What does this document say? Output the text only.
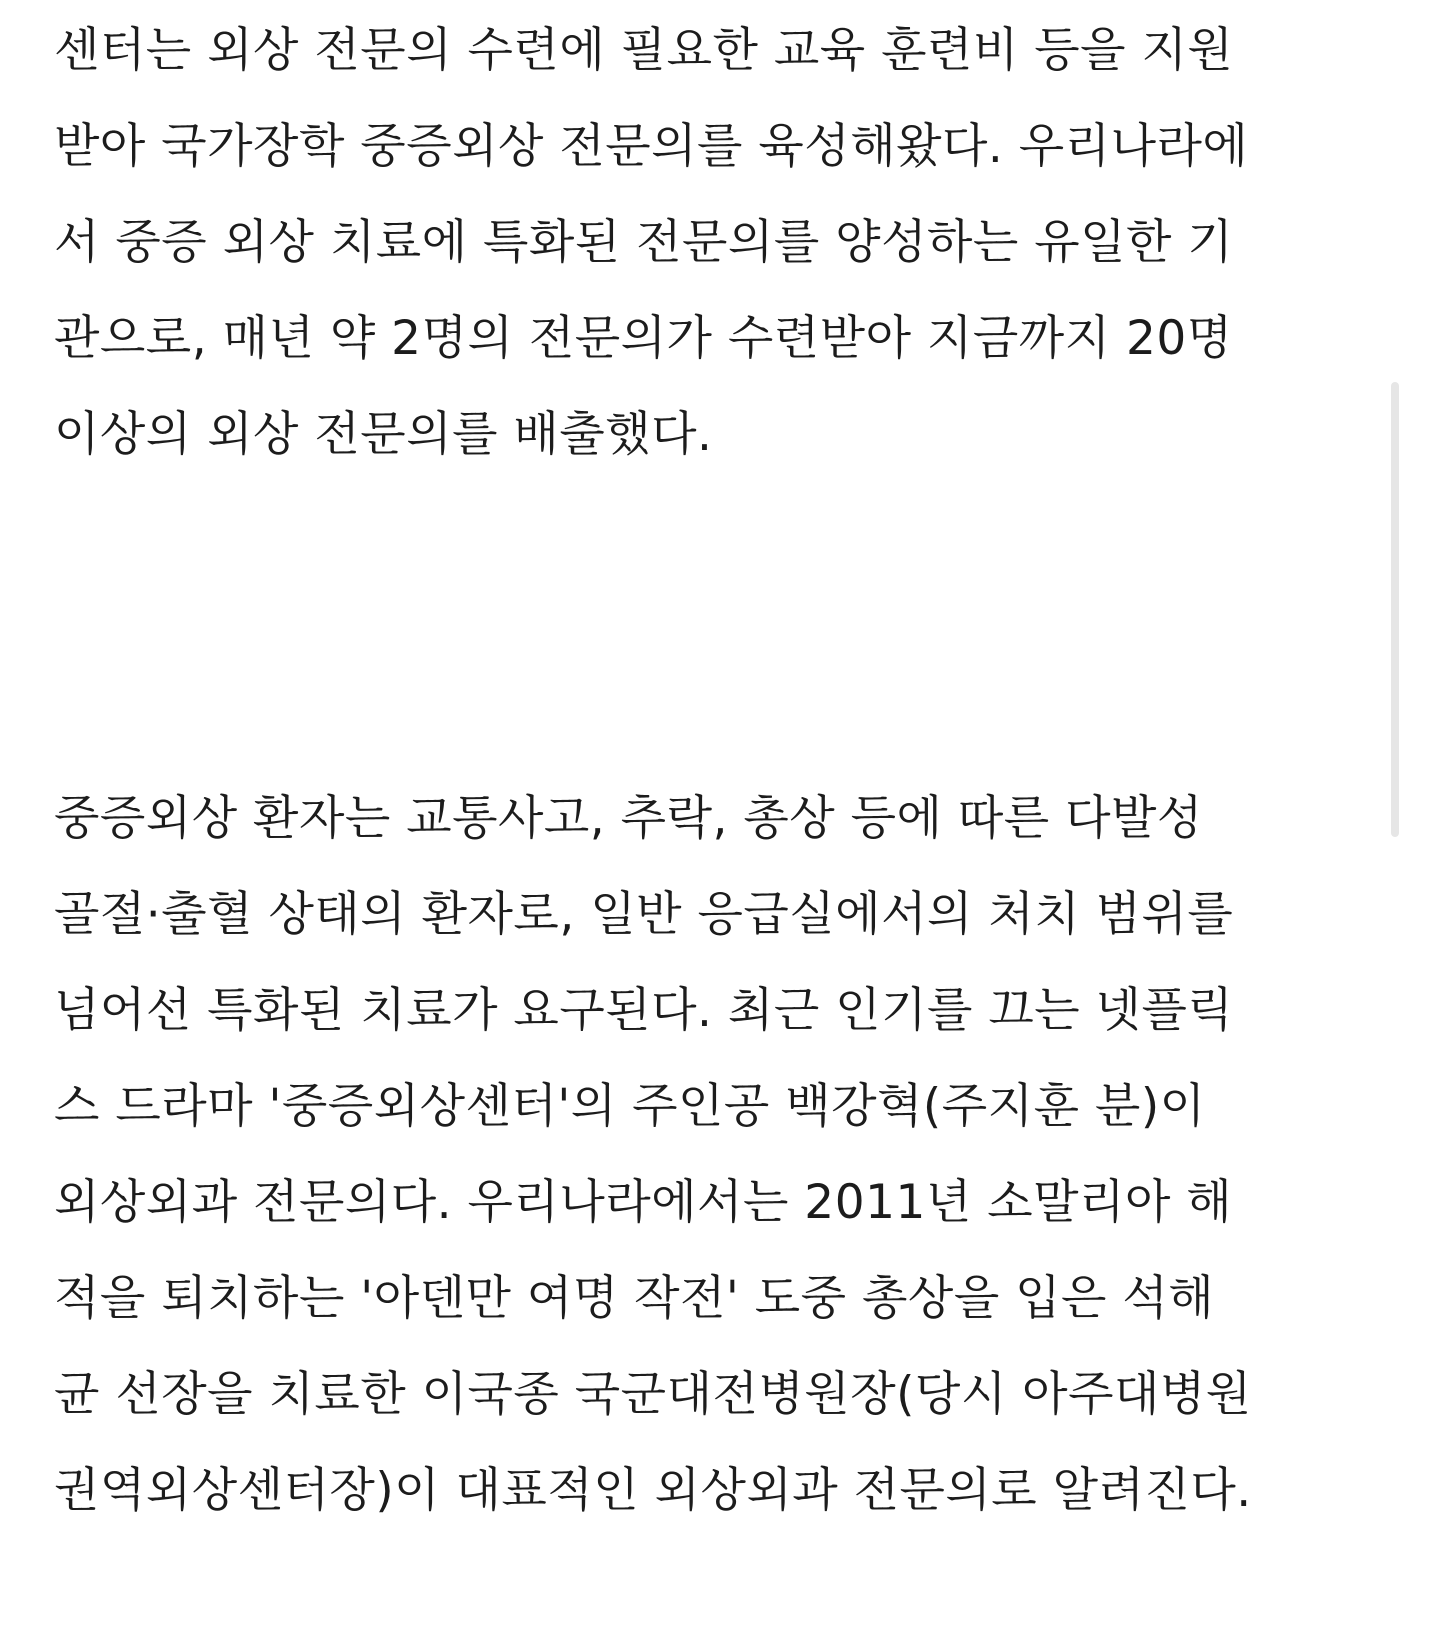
센터는 외상 전문의 수련에 필요한 교육 훈련비 등을 지원
받아 국가장학 중증외상 전문의를 육성해왔다. 우리나라에
서 중증 외상 치료에 특화된 전문의를 양성하는 유일한 기
관으로, 매년 약 2명의 전문의가 수련받아 지금까지 20명
이상의 외상 전문의를 배출했다.
중증외상 환자는 교통사고, 추락, 총상 등에 따른 다발성
골절·출혈 상태의 환자로, 일반 응급실에서의 처치 범위를
넘어선 특화된 치료가 요구된다. 최근 인기를 끄는 넷플릭
스 드라마 '중증외상센터'의 주인공 백강혁(주지훈 분)이
외상외과 전문의다. 우리나라에서는 2011년 소말리아 해
적을 퇴치하는 '아덴만 여명 작전' 도중 총상을 입은 석해
균 선장을 치료한 이국종 국군대전병원장(당시 아주대병원
권역외상센터장)이 대표적인 외상외과 전문의로 알려진다.
